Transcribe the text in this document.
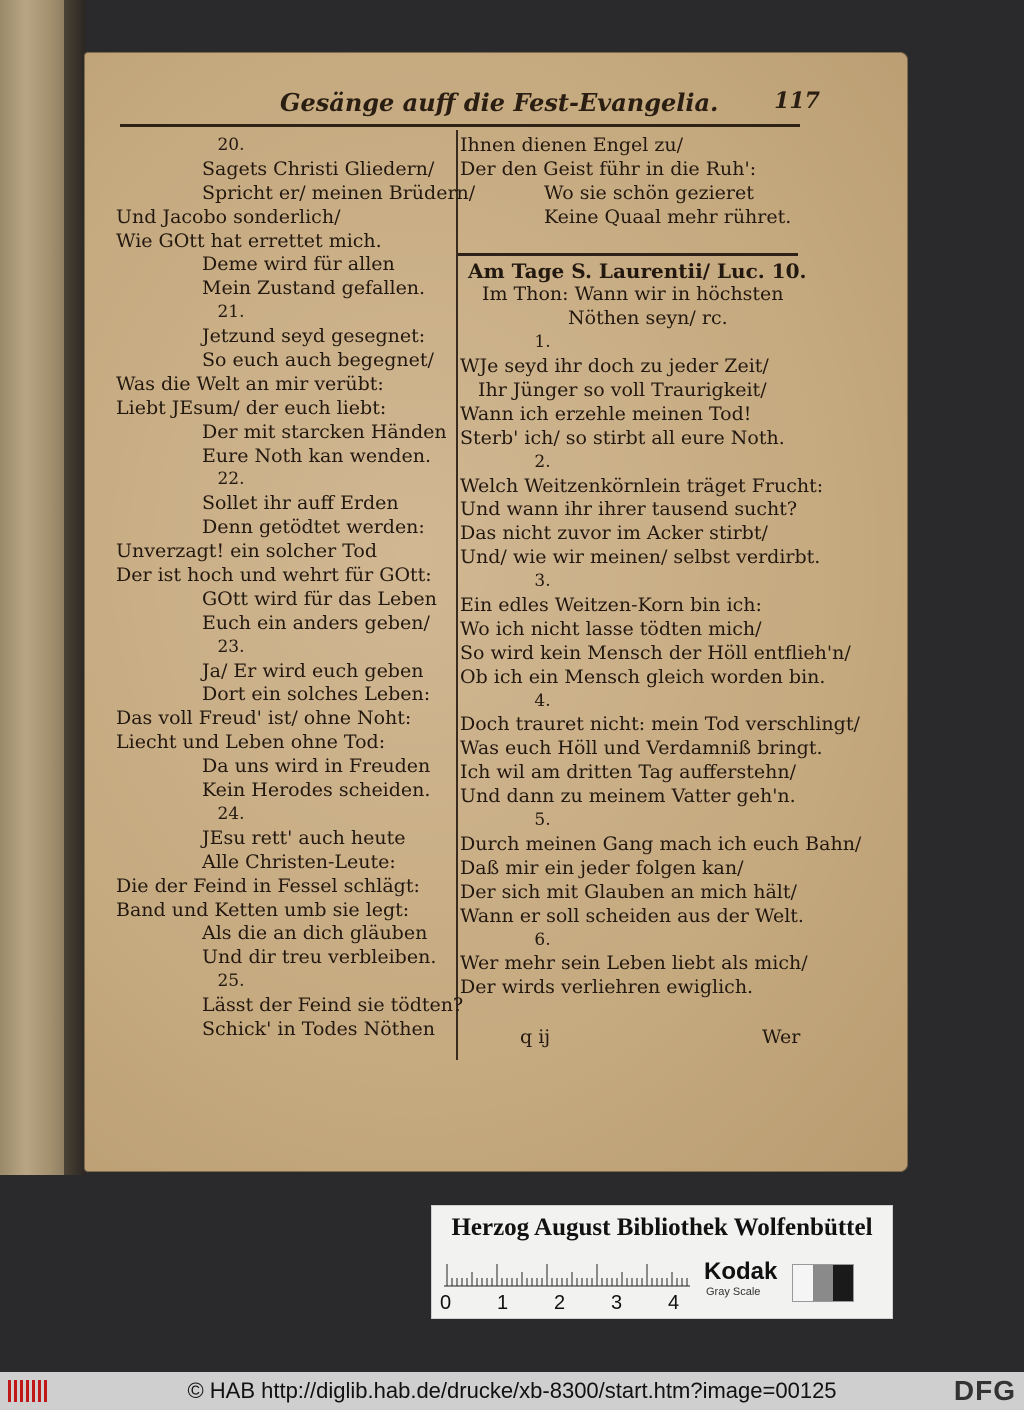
Gesänge auff die Fest-Evangelia.	117
20.
Sagets Christi Gliedern/
Spricht er/ meinen Brüdern/
Und Jacobo sonderlich/
Wie GOtt hat errettet mich.
Deme wird für allen
Mein Zustand gefallen.
21.
Jetzund seyd gesegnet:
So euch auch begegnet/
Was die Welt an mir verübt:
Liebt JEsum/ der euch liebt:
Der mit starcken Händen
Eure Noth kan wenden.
22.
Sollet ihr auff Erden
Denn getödtet werden:
Unverzagt! ein solcher Tod
Der ist hoch und wehrt für GOtt:
GOtt wird für das Leben
Euch ein anders geben/
23.
Ja/ Er wird euch geben
Dort ein solches Leben:
Das voll Freud' ist/ ohne Noht:
Liecht und Leben ohne Tod:
Da uns wird in Freuden
Kein Herodes scheiden.
24.
JEsu rett' auch heute
Alle Christen-Leute:
Die der Feind in Fessel schlägt:
Band und Ketten umb sie legt:
Als die an dich gläuben
Und dir treu verbleiben.
25.
Lässt der Feind sie tödten?
Schick' in Todes Nöthen
Ihnen dienen Engel zu/
Der den Geist führ in die Ruh':
Wo sie schön gezieret
Keine Quaal mehr rühret.
Am Tage S. Laurentii/ Luc. 10.
Im Thon: Wann wir in höchsten
Nöthen seyn/ rc.
1.
WJe seyd ihr doch zu jeder Zeit/
Ihr Jünger so voll Traurigkeit/
Wann ich erzehle meinen Tod!
Sterb' ich/ so stirbt all eure Noth.
2.
Welch Weitzenkörnlein träget Frucht:
Und wann ihr ihrer tausend sucht?
Das nicht zuvor im Acker stirbt/
Und/ wie wir meinen/ selbst verdirbt.
3.
Ein edles Weitzen-Korn bin ich:
Wo ich nicht lasse tödten mich/
So wird kein Mensch der Höll entflieh'n/
Ob ich ein Mensch gleich worden bin.
4.
Doch trauret nicht: mein Tod verschlingt/
Was euch Höll und Verdamniß bringt.
Ich wil am dritten Tag aufferstehn/
Und dann zu meinem Vatter geh'n.
5.
Durch meinen Gang mach ich euch Bahn/
Daß mir ein jeder folgen kan/
Der sich mit Glauben an mich hält/
Wann er soll scheiden aus der Welt.
6.
Wer mehr sein Leben liebt als mich/
Der wirds verliehren ewiglich.
q ij	Wer
Herzog August Bibliothek Wolfenbüttel
0 1 2 3 4
Kodak
Gray Scale
© HAB http://diglib.hab.de/drucke/xb-8300/start.htm?image=00125	DFG
